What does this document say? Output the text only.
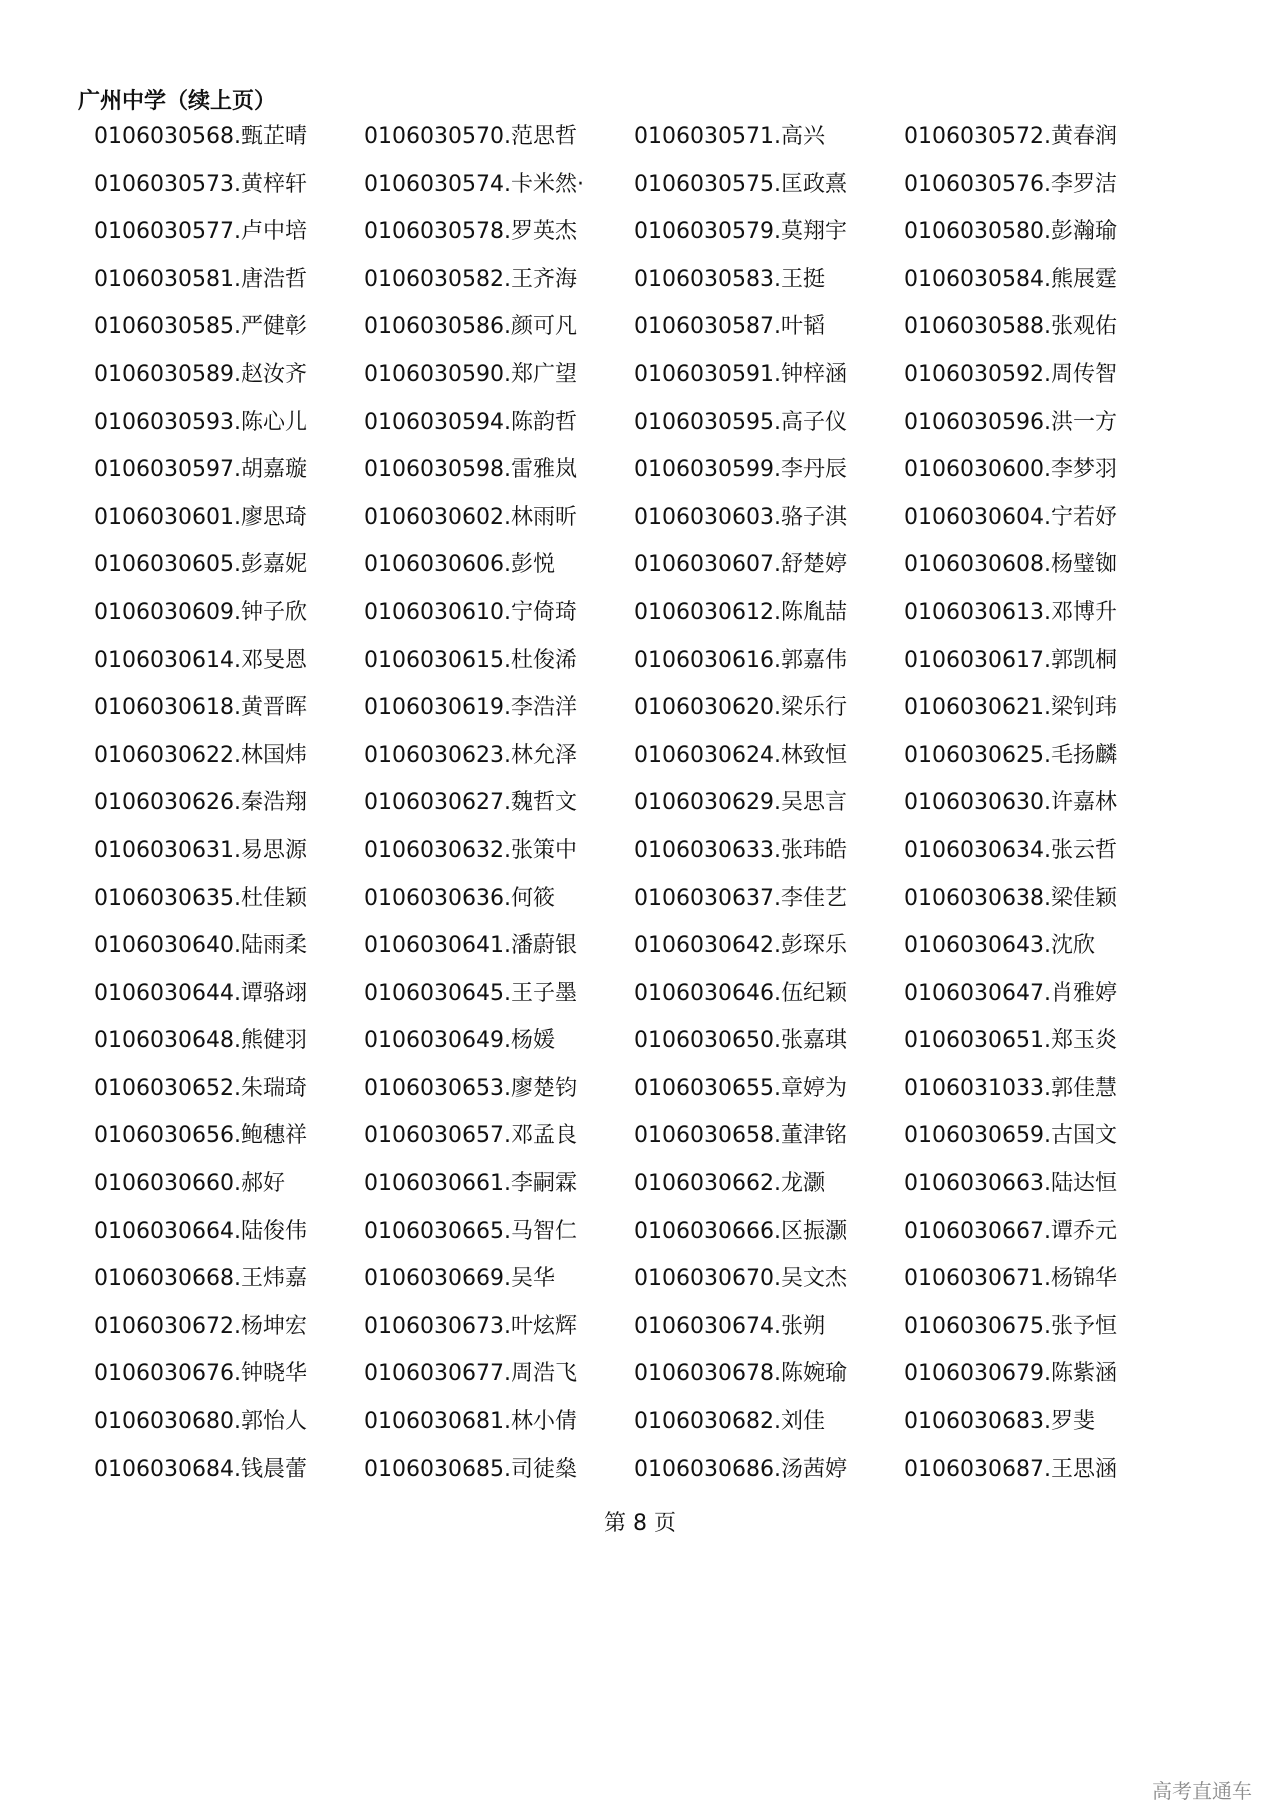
广州中学（续上页）
0106030568.甄芷晴	0106030570.范思哲	0106030571.高兴	0106030572.黄春润
0106030573.黄梓轩	0106030574.卡米然·	0106030575.匡政熹	0106030576.李罗洁
0106030577.卢中培	0106030578.罗英杰	0106030579.莫翔宇	0106030580.彭瀚瑜
0106030581.唐浩哲	0106030582.王齐海	0106030583.王挺	0106030584.熊展霆
0106030585.严健彰	0106030586.颜可凡	0106030587.叶韬	0106030588.张观佑
0106030589.赵汝齐	0106030590.郑广望	0106030591.钟梓涵	0106030592.周传智
0106030593.陈心儿	0106030594.陈韵哲	0106030595.高子仪	0106030596.洪一方
0106030597.胡嘉璇	0106030598.雷雅岚	0106030599.李丹辰	0106030600.李梦羽
0106030601.廖思琦	0106030602.林雨昕	0106030603.骆子淇	0106030604.宁若妤
0106030605.彭嘉妮	0106030606.彭悦	0106030607.舒楚婷	0106030608.杨璧铷
0106030609.钟子欣	0106030610.宁倚琦	0106030612.陈胤喆	0106030613.邓博升
0106030614.邓旻恩	0106030615.杜俊浠	0106030616.郭嘉伟	0106030617.郭凯桐
0106030618.黄晋晖	0106030619.李浩洋	0106030620.梁乐行	0106030621.梁钊玮
0106030622.林国炜	0106030623.林允泽	0106030624.林致恒	0106030625.毛扬麟
0106030626.秦浩翔	0106030627.魏哲文	0106030629.吴思言	0106030630.许嘉林
0106030631.易思源	0106030632.张策中	0106030633.张玮皓	0106030634.张云哲
0106030635.杜佳颖	0106030636.何筱	0106030637.李佳艺	0106030638.梁佳颖
0106030640.陆雨柔	0106030641.潘蔚银	0106030642.彭琛乐	0106030643.沈欣
0106030644.谭骆翊	0106030645.王子墨	0106030646.伍纪颖	0106030647.肖雅婷
0106030648.熊健羽	0106030649.杨媛	0106030650.张嘉琪	0106030651.郑玉炎
0106030652.朱瑞琦	0106030653.廖楚钧	0106030655.章婷为	0106031033.郭佳慧
0106030656.鲍穗祥	0106030657.邓孟良	0106030658.董津铭	0106030659.古国文
0106030660.郝好	0106030661.李嗣霖	0106030662.龙灏	0106030663.陆达恒
0106030664.陆俊伟	0106030665.马智仁	0106030666.区振灏	0106030667.谭乔元
0106030668.王炜嘉	0106030669.吴华	0106030670.吴文杰	0106030671.杨锦华
0106030672.杨坤宏	0106030673.叶炫辉	0106030674.张朔	0106030675.张予恒
0106030676.钟晓华	0106030677.周浩飞	0106030678.陈婉瑜	0106030679.陈紫涵
0106030680.郭怡人	0106030681.林小倩	0106030682.刘佳	0106030683.罗斐
0106030684.钱晨蕾	0106030685.司徒燊	0106030686.汤茜婷	0106030687.王思涵
第 8 页
高考直通车
